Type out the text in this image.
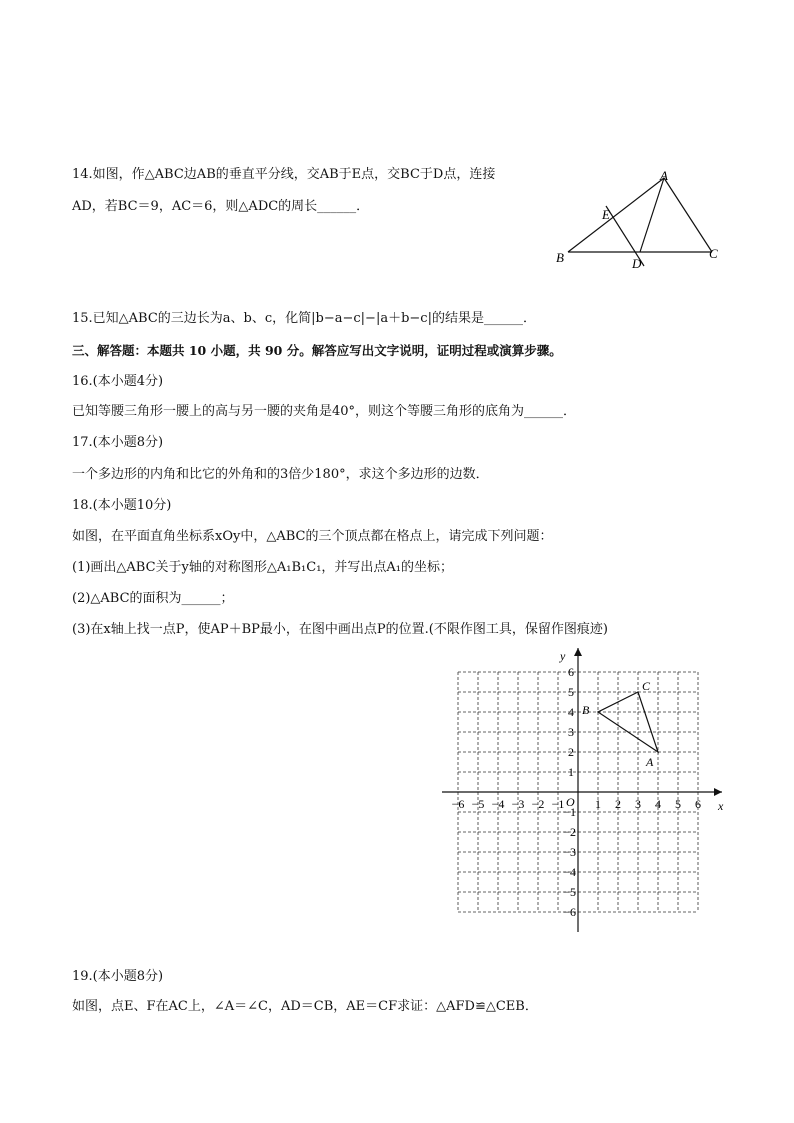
14.如图，作△ABC边AB的垂直平分线，交AB于E点，交BC于D点，连接
AD，若BC＝9，AC＝6，则△ADC的周长______．
A
B	C
D
E
15.已知△ABC的三边长为a、b、c，化简|b−a−c|−|a＋b−c|的结果是______．
三、解答题：本题共 10 小题，共 90 分。解答应写出文字说明，证明过程或演算步骤。
16.(本小题4分)
已知等腰三角形一腰上的高与另一腰的夹角是40°，则这个等腰三角形的底角为______．
17.(本小题8分)
一个多边形的内角和比它的外角和的3倍少180°，求这个多边形的边数．
18.(本小题10分)
如图，在平面直角坐标系xOy中，△ABC的三个顶点都在格点上，请完成下列问题：
(1)画出△ABC关于y轴的对称图形△A₁B₁C₁，并写出点A₁的坐标；
(2)△ABC的面积为______；
(3)在x轴上找一点P，使AP＋BP最小，在图中画出点P的位置.(不限作图工具，保留作图痕迹)
−6 −5 −4 −3 −2 −1	1 2 3 4 5 6
1
2
3
4
5
6
−1
−2
−3
−4
−5
−6
x
y
O
A
B
C
19.(本小题8分)
如图，点E、F在AC上，∠A＝∠C，AD＝CB，AE＝CF求证：△AFD≌△CEB．
